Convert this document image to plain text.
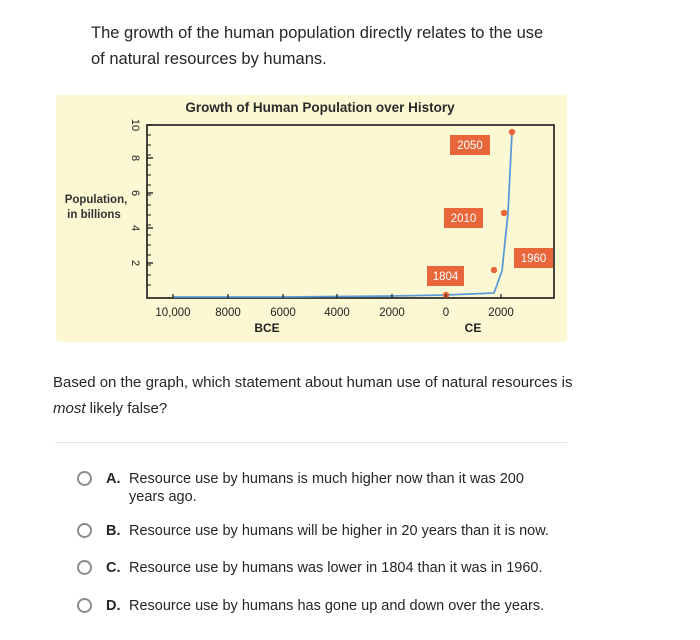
The growth of the human population directly relates to the use of natural resources by humans.
Growth of Human Population over History
Population,
in billions
1804
1960
2010
2050
10
8
6
4
2
10,000 8000	6000 4000	2000	0	2000
BCE	CE
Based on the graph, which statement about human use of natural resources is most likely false?
A. Resource use by humans is much higher now than it was 200 years ago.
B. Resource use by humans will be higher in 20 years than it is now.
C. Resource use by humans was lower in 1804 than it was in 1960.
D. Resource use by humans has gone up and down over the years.
